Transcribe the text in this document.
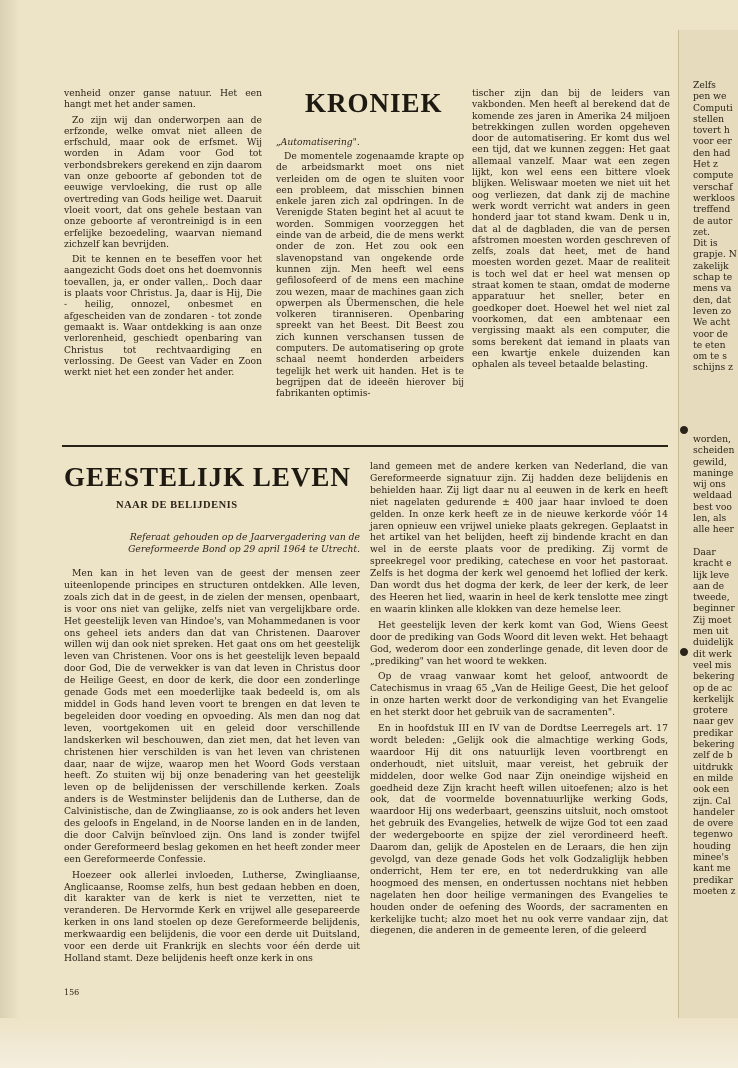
venheid onzer ganse natuur. Het een hangt met het ander samen.

Zo zijn wij dan onderworpen aan de erfzonde, welke omvat niet alleen de erfschuld, maar ook de erfsmet. Wij worden in Adam voor God tot verbondsbrekers gerekend en zijn daarom van onze geboorte af gebonden tot de eeuwige vervloeking, die rust op alle overtreding van Gods heilige wet. Daaruit vloeit voort, dat ons gehele bestaan van onze geboorte af verontreinigd is in een erfelijke bezoedeling, waarvan niemand zichzelf kan bevrijden.

Dit te kennen en te beseffen voor het aangezicht Gods doet ons het doemvonnis toevallen, ja, er onder vallen,. Doch daar is plaats voor Christus. Ja, daar is Hij, Die - heilig, onnozel, onbesmet en afgescheiden van de zondaren - tot zonde gemaakt is. Waar ontdekking is aan onze verlorenheid, geschiedt openbaring van Christus tot rechtvaardiging en verlossing. De Geest van Vader en Zoon werkt niet het een zonder het ander.

KRONIEK
„Automatisering".

De momentele zogenaamde krapte op de arbeidsmarkt moet ons niet verleiden om de ogen te sluiten voor een probleem, dat misschien binnen enkele jaren zich zal opdringen. In de Verenigde Staten begint het al acuut te worden. Sommigen voorzeggen het einde van de arbeid, die de mens werkt onder de zon. Het zou ook een slavenopstand van ongekende orde kunnen zijn. Men heeft wel eens gefilosofeerd of de mens een machine zou wezen, maar de machines gaan zich opwerpen als Übermenschen, die hele volkeren tiranniseren. Openbaring spreekt van het Beest. Dit Beest zou zich kunnen verschansen tussen de computers. De automatisering op grote schaal neemt honderden arbeiders tegelijk het werk uit handen. Het is te begrijpen dat de ideeën hierover bij fabrikanten optimis-

tischer zijn dan bij de leiders van vakbonden. Men heeft al berekend dat de komende zes jaren in Amerika 24 miljoen betrekkingen zullen worden opgeheven door de automatisering. Er komt dus wel een tijd, dat we kunnen zeggen: Het gaat allemaal vanzelf. Maar wat een zegen lijkt, kon wel eens een bittere vloek blijken. Weliswaar moeten we niet uit het oog verliezen, dat dank zij de machine werk wordt verricht wat anders in geen honderd jaar tot stand kwam. Denk u in, dat al de dagbladen, die van de persen afstromen moesten worden geschreven of zelfs, zoals dat heet, met de hand moesten worden gezet. Maar de realiteit is toch wel dat er heel wat mensen op straat komen te staan, omdat de moderne apparatuur het sneller, beter en goedkoper doet. Hoewel het wel niet zal voorkomen, dat een ambtenaar een vergissing maakt als een computer, die soms berekent dat iemand in plaats van een kwartje enkele duizenden kan ophalen als teveel betaalde belasting.

GEESTELIJK LEVEN
NAAR DE BELIJDENIS
Referaat gehouden op de Jaarvergadering van de Gereformeerde Bond op 29 april 1964 te Utrecht.

Men kan in het leven van de geest der mensen zeer uiteenlopende principes en structuren ontdekken. Alle leven, zoals zich dat in de geest, in de zielen der mensen, openbaart, is voor ons niet van gelijke, zelfs niet van vergelijkbare orde. Het geestelijk leven van Hindoe's, van Mohammedanen is voor ons geheel iets anders dan dat van Christenen. Daarover willen wij dan ook niet spreken. Het gaat ons om het geestelijk leven van Christenen. Voor ons is het geestelijk leven bepaald door God, Die de verwekker is van dat leven in Christus door de Heilige Geest, en door de kerk, die door een zonderlinge genade Gods met een moederlijke taak bedeeld is, om als middel in Gods hand leven voort te brengen en dat leven te begeleiden door voeding en opvoeding. Als men dan nog dat leven, voortgekomen uit en geleid door verschillende landskerken wil beschouwen, dan ziet men, dat het leven van christenen hier verschilden is van het leven van christenen daar, naar de wijze, waarop men het Woord Gods verstaan heeft. Zo stuiten wij bij onze benadering van het geestelijk leven op de belijdenissen der verschillende kerken. Zoals anders is de Westminster belijdenis dan de Lutherse, dan de Calvinistische, dan de Zwingliaanse, zo is ook anders het leven des geloofs in Engeland, in de Noorse landen en in de landen, die door Calvijn beïnvloed zijn. Ons land is zonder twijfel onder Gereformeerd beslag gekomen en het heeft zonder meer een Gereformeerde Confessie.

Hoezeer ook allerlei invloeden, Lutherse, Zwingliaanse, Anglicaanse, Roomse zelfs, hun best gedaan hebben en doen, dit karakter van de kerk is niet te verzetten, niet te veranderen. De Hervormde Kerk en vrijwel alle gesepareerde kerken in ons land stoelen op deze Gereformeerde belijdenis, merkwaardig een belijdenis, die voor een derde uit Duitsland, voor een derde uit Frankrijk en slechts voor één derde uit Holland stamt. Deze belijdenis heeft onze kerk in ons

land gemeen met de andere kerken van Nederland, die van Gereformeerde signatuur zijn. Zij hadden deze belijdenis en behielden haar. Zij ligt daar nu al eeuwen in de kerk en heeft niet nagelaten gedurende ± 400 jaar haar invloed te doen gelden. In onze kerk heeft ze in de nieuwe kerkorde vóór 14 jaren opnieuw een vrijwel unieke plaats gekregen. Geplaatst in het artikel van het belijden, heeft zij bindende kracht en dan wel in de eerste plaats voor de prediking. Zij vormt de spreekregel voor prediking, catechese en voor het pastoraat. Zelfs is het dogma der kerk wel genoemd het loflied der kerk. Dan wordt dus het dogma der kerk, de leer der kerk, de leer des Heeren het lied, waarin in heel de kerk tenslotte mee zingt en waarin klinken alle klokken van deze hemelse leer.

Het geestelijk leven der kerk komt van God, Wiens Geest door de prediking van Gods Woord dit leven wekt. Het behaagt God, wederom door een zonderlinge genade, dit leven door de „prediking" van het woord te wekken.

Op de vraag vanwaar komt het geloof, antwoordt de Catechismus in vraag 65 „Van de Heilige Geest, Die het geloof in onze harten werkt door de verkondiging van het Evangelie en het sterkt door het gebruik van de sacramenten".

En in hoofdstuk III en IV van de Dordtse Leerregels art. 17 wordt beleden: „Gelijk ook die almachtige werking Gods, waardoor Hij dit ons natuurlijk leven voortbrengt en onderhoudt, niet uitsluit, maar vereist, het gebruik der middelen, door welke God naar Zijn oneindige wijsheid en goedheid deze Zijn kracht heeft willen uitoefenen; alzo is het ook, dat de voormelde bovennatuurlijke werking Gods, waardoor Hij ons wederbaart, geenszins uitsluit, noch omstoot het gebruik des Evangelies, hetwelk de wijze God tot een zaad der wedergeboorte en spijze der ziel verordineerd heeft. Daarom dan, gelijk de Apostelen en de Leraars, die hen zijn gevolgd, van deze genade Gods het volk Godzaliglijk hebben onderricht, Hem ter ere, en tot nederdrukking van alle hoogmoed des mensen, en ondertussen nochtans niet hebben nagelaten hen door heilige vermaningen des Evangelies te houden onder de oefening des Woords, der sacramenten en kerkelijke tucht; alzo moet het nu ook verre vandaar zijn, dat diegenen, die anderen in de gemeente leren, of die geleerd

156
Zelfs
pen we
Computi
stellen
tovert h
voor eer
den had
Het z
compute
verschaf
werkloos
treffend
de autor
zet.
Dit is
grapje. N
zakelijk
schap te
mens va
den, dat
leven zo
We acht
voor de
te eten
om te s
schijns z
worden,
scheiden
gewild,
maninge
wij ons
weldaad
best voo
len, als
alle heer

Daar
kracht e
lijk leve
aan de
tweede,
beginner
Zij moet
men uit
duidelijk
dit werk
veel mis
bekering
op de ac
kerkelijk
grotere
naar gev
predikar
bekering
zelf de b
uitdrukk
en milde
ook een
zijn. Cal
handeler
de overe
tegenwo
houding
minee's
kant me
predikar
moeten z
